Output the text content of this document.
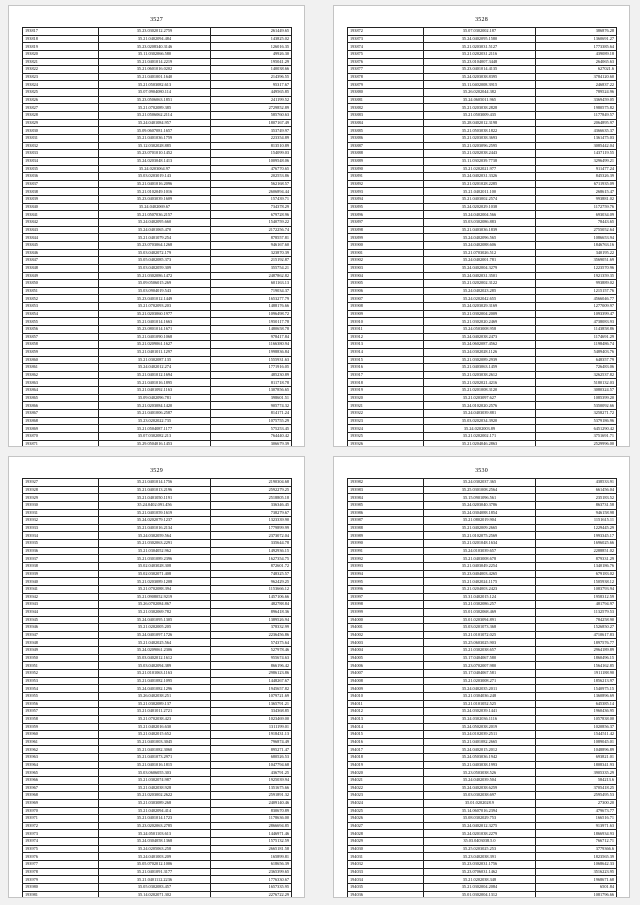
3527
193817	35.23.0302012.2759	261449.65
193818	35.21.0402094.484	143825.02
193819	35.23.0208340.3146	126016.35
193820	35.11.0302066.580	49926.30
193821	35.21.0401014.2219	195041.29
193822	35.21.0601016.0202	140038.66
193823	35.21.0401001.1640	214396.55
193824	35.21.0503082.613	95317.67
193825	35.07.0904080.114	449565.85
193826	35.23.0506063.1851	241199.52
193827	35.21.0702089.385	2729852.89
193828	35.21.0506062.2114	585760.63
193829	35.24.0401084.957	1807167.49
193830	35.09.0607081.1657	353749.97
193831	35.21.0401036.1759	223354.89
193832	35.12.0302028.885	813510.89
193833	35.23.0701010.1452	154099.03
193834	35.24.0203048.1413	1009548.06
193835	35.24.0203064.97	476770.65
193836	35.03.0203019.143	202553.86
193837	35.21.0401016.2096	562168.57
193838	35.21.0102049.1016	2606894.44
193839	35.23.0403039.1609	157439.71
193840	35.24.0402069.67	734378.29
193841	35.21.0507036.2157	679728.96
193842	35.24.0402095.660	1540759.22
193843	35.24.0401065.470	2172256.74
193844	35.21.0401079.254	878557.81
193845	35.23.0703064.1268	946167.60
193846	35.03.0402072.179	323870.39
193847	35.05.0402085.373	215192.87
193848	35.03.0402059.309	355754.21
193849	35.21.0302086.1472	2487862.82
193850	35.09.0506015.269	601163.13
193851	35.03.0904019.543	719034.37
193852	35.23.0401012.1449	1653277.79
193853	35.21.0702093.203	1488176.66
193854	35.21.0203060.1977	1096498.72
193855	35.21.0401014.1663	1950117.78
193856	35.23.0801014.1671	1480658.78
193857	35.21.0401090.1068	978417.84
193858	35.21.0209061.1627	1166380.94
193859	35.21.0401011.1297	1998836.84
193860	35.21.0302087.135	1555931.63
193861	35.24.0402012.274	1771916.05
193862	35.21.0401012.1694	485230.89
193863	35.21.0401016.1895	811718.78
193864	35.21.0401092.1163	1307856.65
193865	35.09.0402096.781	398601.51
193866	35.21.0203084.1420	905774.32
193867	35.21.0401006.2587	814171.24
193868	35.23.0202022.735	1075755.29
193869	35.21.0504087.1177	575253.45
193870	35.07.0302082.213	764440.42
193871	35.29.0504016.1453	306679.39
3528
193872	35.07.0302002.187	386876.28
193873	35.24.0402095.1580	1360691.27
193874	35.21.0203031.5127	1773385.64
193875	35.21.0202031.2116	439089.18
193876	35.23.0104007.3448	264065.63
193877	35.23.0401014.4135	627021.6
193878	35.24.0203038.8395	3784120.60
193879	35.11.0402008.3915	246837.22
193880	35.26.0202044.382	789524.96
193881	35.24.0605011.965	3369459.05
193882	35.21.0203038.2828	1980575.82
193883	35.21.0503009.435	1177849.57
193884	35.28.0402012.3198	2064895.97
193885	35.21.0503038.1822	4366635.37
193886	35.21.0203038.3693	1361475.03
193887	35.21.0203096.2595	3085442.04
193888	35.21.0202038.2443	1437119.55
193889	35.11.0302039.7738	3296499.21
193890	35.21.0202021.977	911477.24
193891	35.24.0402031.3326	845326.39
193892	35.21.0201028.2285	6711935.09
193893	35.21.0402011.100	268615.47
193894	35.21.0403002.2574	993881.02
193895	35.24.0202029.1038	1172759.76
193896	35.24.0402004.566	693034.09
193897	35.03.0302086.883	78443.65
193898	35.21.0403036.1839	2755052.64
193899	35.24.0402096.565	1086653.94
193900	35.24.0402088.606	1846763.16
193901	35.21.0703026.512	340195.22
193902	35.24.0402001.781	3569051.69
193903	35.24.0402004.3279	1223570.96
193904	35.24.0402031.3501	1921359.35
193905	35.21.0202002.3122	993889.02
193906	35.24.0402023.285	1215157.76
193907	35.24.0202042.655	4566046.77
193908	35.24.0203029.3169	1277009.97
193909	35.21.0302004.2009	1093399.47
193910	35.21.0302020.2469	4738083.93
193911	35.24.0503008.958	1143858.86
193912	35.24.0402038.2473	1174691.29
193913	35.24.0602087.4562	1198486.74
193914	35.24.0302028.1126	5489403.76
193915	35.21.0302089.2939	648357.79
193916	35.21.0403063.1459	726483.06
193917	35.21.0203038.2612	3262537.82
193918	35.21.0202021.4216	5180132.03
193919	35.21.0201008.3120	3080324.57
193920	35.21.0203097.627	1085399.20
193921	35.24.0102020.2576	5350092.66
193922	35.24.0403039.881	3258271.72
193923	35.03.0202034.3920	5379186.96
193924	35.24.0202003.89	6451290.42
193925	35.21.0202002.171	3751691.71
193926	35.21.0204046.2863	2529996.00
3529
193927	35.21.0401014.1756	2190304.68
193928	35.21.0401013.2196	2592279.25
193929	35.21.0401050.1191	2518805.18
193930	35.24.0402.091.456	336346.45
193931	35.21.0401059.1619	738279.67
193932	35.24.0202079.1237	1323339.90
193933	35.21.0401016.2134	1779899.99
193934	35.24.0302059.564	2373072.04
193935	35.21.0302063.2291	335644.78
193936	35.21.0304052.962	1492936.15
193937	35.21.0301089.2396	1627354.75
193938	35.02.0403028.308	872601.72
193939	35.02.0302071.408	748325.57
193940	35.21.0203089.1208	962429.25
193941	35.21.0702088.394	1153666.12
193942	35.21.0908052.9219	1457106.66
193943	35.26.0702084.867	482788.84
193944	35.21.0302069.782	896418.36
193945	35.24.0401095.1305	1389526.94
193946	35.21.0202005.205	378332.99
193947	35.24.0401097.1726	2236456.86
193948	35.21.0402025.564	574375.64
193949	35.24.0209061.2306	527978.46
193950	35.03.0402012.1612	955674.63
193951	35.03.0402094.389	866196.42
193952	35.21.0101063.1163	2986123.86
193953	35.21.0401082.1095	1448267.67
193954	35.24.0401082.1296	1945657.82
193955	35.26.0402038.251	1079721.69
193956	35.21.0302089.137	1365791.21
193957	35.21.0401011.2721	334368.85
193958	35.21.0702038.423	1023469.00
193959	35.21.0402016.630	1311199.01
193960	35.21.0402015.652	1918431.13
193961	35.21.0401003.3045	796874.49
193962	35.21.0401082.3060	895271.47
193963	35.21.0401073.2971	680526.53
193964	35.21.0401016.1815	1047794.68
193965	35.03.0606055.303	436791.25
193966	35.21.0302074.987	1925039.94
193967	35.21.0402038.928	1351675.66
193968	35.21.0203002.2622	2591891.32
193969	35.21.0303089.268	2409140.46
193970	35.21.0402094.414	830670.89
193971	35.21.0401014.1723	1178636.00
193972	35.23.0202063.2785	2866694.85
193973	35.24.0501103.613	1446971.46
193974	35.24.0304058.1368	1575132.59
193975	35.24.0205063.258	2665181.58
193976	35.24.0401003.209	165899.81
193977	35.05.0702012.1006	618656.39
193978	35.21.0401091.3177	2365399.65
193979	35.21.0401112.2236	1776330.67
193980	35.05.0302083.457	1657335.95
193981	35.14.0202071.302	2276722.29
3530
193982	35.24.0302037.365	438533.91
193983	35.25.0301008.2564	661456.04
193984	35.15.0901096.561	235183.52
193985	35.24.0203040.3786	863731.58
193986	35.24.0304088.1854	946158.98
193987	35.21.0802019.904	1151615.11
193988	35.21.0402009.2665	1229445.29
193989	35.21.0102075.2569	1993345.17
193990	35.21.0201048.1634	1696025.66
193991	35.24.0103039.657	2288851.02
193992	35.21.0403008.678	879331.29
193993	35.21.0403049.2254	1340186.76
193994	35.23.0404003.4265	679183.02
193995	35.21.0402024.1175	1505938.12
193996	35.21.0204003.2423	1083793.94
193997	35.31.0402015.124	1958312.59
193998	35.21.0302086.257	481794.97
193999	35.01.0302068.469	1132579.53
194000	35.01.0203094.891	784258.90
194001	35.03.0201073.368	1526850.27
194002	35.21.0101072.025	4710617.83
194003	35.25.0603025.903	1897576.77
194004	35.21.0302038.657	2964189.89
194005	35.17.0404067.580	1860496.15
194006	35.23.0702007.980	1564162.85
194007	35.17.0404067.581	1911188.90
194008	35.21.0203008.271	1856213.97
194009	35.24.0402035.2011	1540975.15
194010	35.21.0304036.248	1360896.69
194011	35.21.0101052.525	645385.14
194012	35.24.0302039.1441	1960436.95
194013	35.24.0302036.1116	1057838.00
194014	35.24.0502038.2019	1020856.37
194015	35.24.0102039.2511	1544511.42
194016	35.21.0401082.2665	1089045.01
194017	35.24.0402015.2012	1048896.89
194018	35.24.0503036.1942	693821.01
194019	35.21.0403038.1993	1808341.93
194020	35.23.0503038.526	3905335.29
194021	35.24.0402039.504	584213.6
194022	35.24.0402038.6259	3705418.25
194023	35.03.0302038.697	2595495.53
194024	35.01.0202028.9	27300.20
194025	35.14.0607016.2394	479673.77
194026	35.08.0302029.753	166516.71
194027	35.24.0402012.3275	913971.63
194028	35.24.0201038.2279	1866934.93
194029	35.03.0403038.5.0	766712.71
194030	35.25.0203025.253	3779366.6
194031	35.23.0402038.391	1823565.39
194032	35.23.0302031.1756	1068642.33
194033	35.23.0706031.1462	3516223.95
194034	35.21.0202038.348	1968671.68
194035	35.21.0302004.2084	6501.84
194036	35.01.0302004.1312	1081796.66
